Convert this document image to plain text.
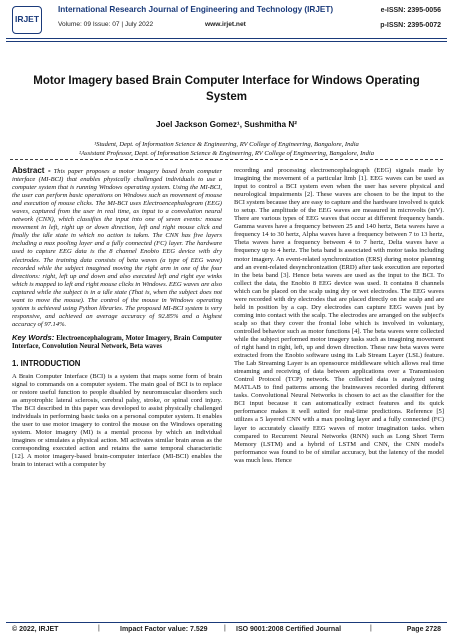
IRJET
International Research Journal of Engineering and Technology (IRJET)
Volume: 09 Issue: 07 | July 2022	www.irjet.net
e-ISSN: 2395-0056
p-ISSN: 2395-0072
Motor Imagery based Brain Computer Interface for Windows Operating System
Joel Jackson Gomez¹, Sushmitha N²
¹Student, Dept. of Information Science & Engineering, RV College of Engineering, Bangalore, India
²Assistant Professor, Dept. of Information Science & Engineering, RV College of Engineering, Bangalore, India

Abstract - This paper proposes a motor imagery based brain computer interface (MI-BCI) that enables physically challenged individuals to use a computer system that is running Windows operating system. Using the MI-BCI, the user can perform basic operations on Windows such as movement of mouse and execution of mouse clicks. The MI-BCI uses Electroencephalogram (EEG) waves, captured from the user in real time, as input to a convolution neural network (CNN), which classifies the input into one of seven events: mouse movement in left, right up or down direction, left and right mouse click and finally the idle state in which no action is taken. The CNN has five layers including a max pooling layer and a fully connected (FC) layer. The hardware used to capture EEG data is the 8 channel Enobio EEG device with dry electrodes. The training data consists of beta waves (a type of EEG wave) recorded while the subject imagined moving the right arm in one of the four directions: right, left up and down and also executed left and right eye winks which is mapped to left and right mouse clicks in Windows. EEG waves are also captured while the subject is in a idle state (That is, when the subject does not want to move the mouse). The control of the mouse in Windows operating system is achieved using Python libraries. The proposed MI-BCI system is very responsive, and achieved an average accuracy of 92.85% and a highest accuracy of 97.14%.

Key Words: Electroencephalogram, Motor Imagery, Brain Computer Interface, Convolution Neural Network, Beta waves

1. INTRODUCTION

A Brain Computer Interface (BCI) is a system that maps some form of brain signal to commands on a computer system. The main goal of BCI is to replace or restore useful function to people disabled by neuromuscular disorders such as amyotrophic lateral sclerosis, cerebral palsy, stroke, or spinal cord injury. The BCI described in this paper was developed to assist physically challenged individuals in performing basic tasks on a personal computer system. It enables the user to use motor imagery to control the mouse on the Windows operating system. Motor imagery (MI) is a mental process by which an individual imagines or simulates a physical action. MI activates similar brain areas as the corresponding executed action and retains the same temporal characteristic [12]. A motor imagery-based brain-computer interface (MI-BCI) enables the brain to interact with a computer by

recording and processing electroencephalograph (EEG) signals made by imagining the movement of a particular limb [1]. EEG waves can be used as input to control a BCI system even when the user has severe physical and neurological impairments [2]. These waves are chosen to be the input to the BCI system because they are easy to capture and the hardware involved is quick to setup. The amplitude of the EEG waves are measured in microvolts (mV). There are various types of EEG waves that occur at different frequency bands. Gamma waves have a frequency between 25 and 140 hertz, Beta waves have a frequency 14 to 30 hertz, Alpha waves have a frequency between 7 to 13 hertz, Theta waves have a frequency between 4 to 7 hertz, Delta waves have a frequency up to 4 hertz. The beta band is associated with motor tasks including motor imagery. An event-related synchronization (ERS) during motor planning and an event-related desynchronization (ERD) after task execution are reported in the beta band [3]. Hence beta waves are used as the input to the BCI. To collect the data, the Enobio 8 EEG device was used. It contains 8 channels which can be placed on the scalp using dry or wet electrodes. The EEG waves were recorded with dry electrodes that are placed directly on the scalp and are held in position by a cap. Dry electrodes can capture EEG waves just by coming into contact with the scalp. The electrodes are arranged on the subject's scalp so that they cover the frontal lobe which is involved in voluntary, controlled behavior such as motor functions [4]. The beta waves were collected while the subject performed motor imagery tasks such as imagining movement of right hand in right, left, up and down direction. These raw beta waves were extracted from the Enobio software using its Lab Stream Layer (LSL) feature. The Lab Streaming Layer is an opensource middleware which allows real time streaming and receiving of data between applications over a Transmission Control Protocol (TCP) network. The collected data is analyzed using MATLAB to find patterns among the brainwaves recorded during different tasks. Convolutional Neural Networks is chosen to act as the classifier for the BCI input because it can automatically extract features and its quick performance makes it well suited for real-time predictions. Reference [5] utilizes a 5 layered CNN with a max pooling layer and a fully connected (FC) layer to accurately classify EEG waves of motor imagination tasks. when compared to Recurrent Neural Networks (RNN) such as Long Short Term Memory (LSTM) and a hybrid of LSTM and CNN, the CNN model's performance was found to be of similar accuracy, but the latency of the model was much less. Hence

© 2022, IRJET	|	Impact Factor value: 7.529 | ISO 9001:2008 Certified Journal	|	Page 2728
